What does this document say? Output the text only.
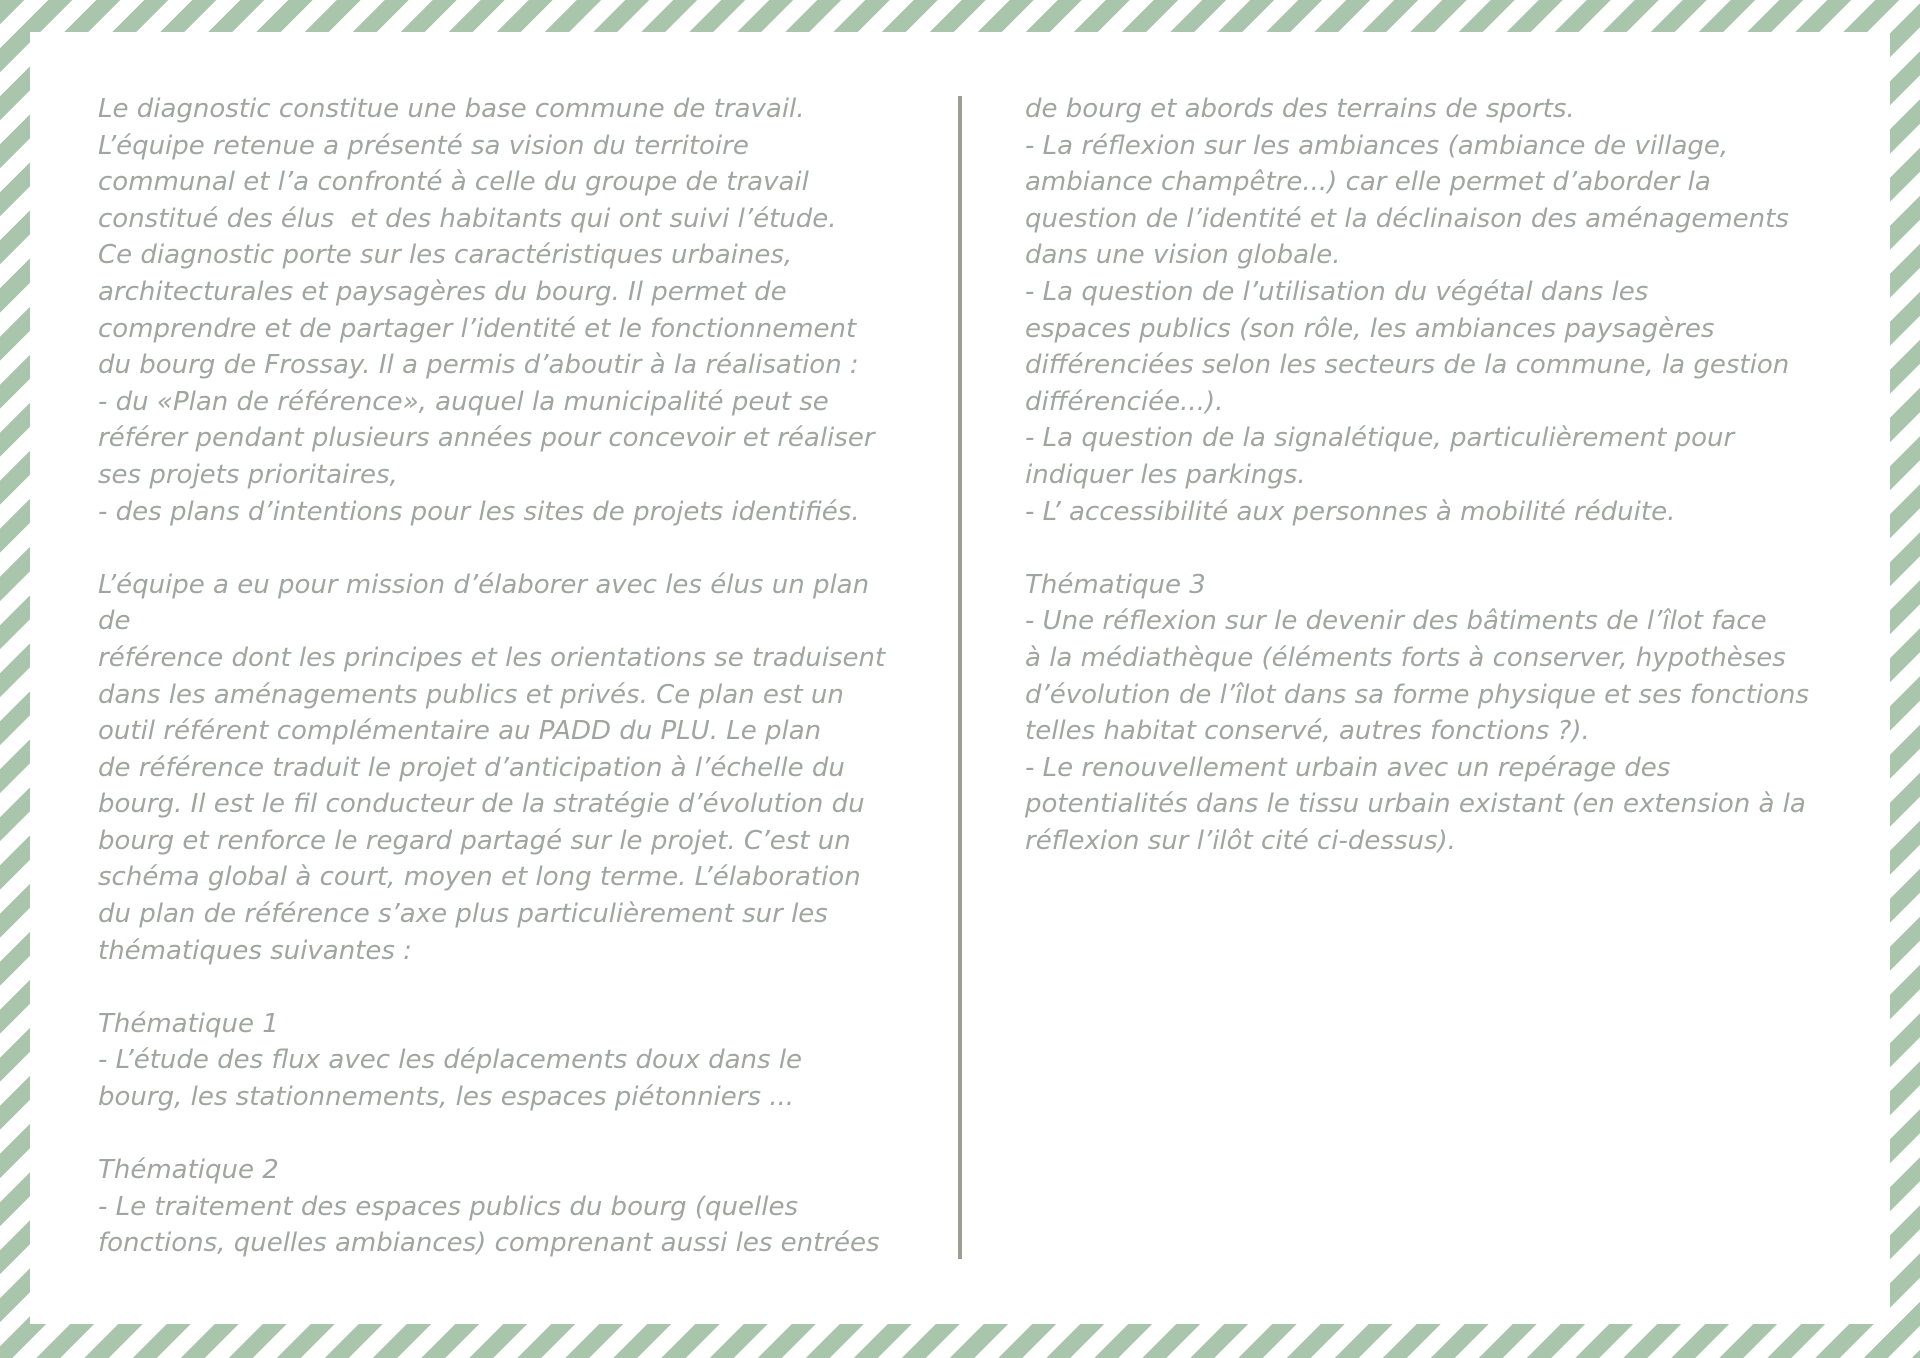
Le diagnostic constitue une base commune de travail.
L’équipe retenue a présenté sa vision du territoire
communal et l’a confronté à celle du groupe de travail
constitué des élus  et des habitants qui ont suivi l’étude.
Ce diagnostic porte sur les caractéristiques urbaines,
architecturales et paysagères du bourg. Il permet de
comprendre et de partager l’identité et le fonctionnement
du bourg de Frossay. Il a permis d’aboutir à la réalisation :
- du «Plan de référence», auquel la municipalité peut se
référer pendant plusieurs années pour concevoir et réaliser
ses projets prioritaires,
- des plans d’intentions pour les sites de projets identifiés.
L’équipe a eu pour mission d’élaborer avec les élus un plan
de
référence dont les principes et les orientations se traduisent
dans les aménagements publics et privés. Ce plan est un
outil référent complémentaire au PADD du PLU. Le plan
de référence traduit le projet d’anticipation à l’échelle du
bourg. Il est le fil conducteur de la stratégie d’évolution du
bourg et renforce le regard partagé sur le projet. C’est un
schéma global à court, moyen et long terme. L’élaboration
du plan de référence s’axe plus particulièrement sur les
thématiques suivantes :
Thématique 1
- L’étude des flux avec les déplacements doux dans le
bourg, les stationnements, les espaces piétonniers ...
Thématique 2
- Le traitement des espaces publics du bourg (quelles
fonctions, quelles ambiances) comprenant aussi les entrées
de bourg et abords des terrains de sports.
- La réflexion sur les ambiances (ambiance de village,
ambiance champêtre...) car elle permet d’aborder la
question de l’identité et la déclinaison des aménagements
dans une vision globale.
- La question de l’utilisation du végétal dans les
espaces publics (son rôle, les ambiances paysagères
différenciées selon les secteurs de la commune, la gestion
différenciée...).
- La question de la signalétique, particulièrement pour
indiquer les parkings.
- L’ accessibilité aux personnes à mobilité réduite.
Thématique 3
- Une réflexion sur le devenir des bâtiments de l’îlot face
à la médiathèque (éléments forts à conserver, hypothèses
d’évolution de l’îlot dans sa forme physique et ses fonctions
telles habitat conservé, autres fonctions ?).
- Le renouvellement urbain avec un repérage des
potentialités dans le tissu urbain existant (en extension à la
réflexion sur l’ilôt cité ci-dessus).
